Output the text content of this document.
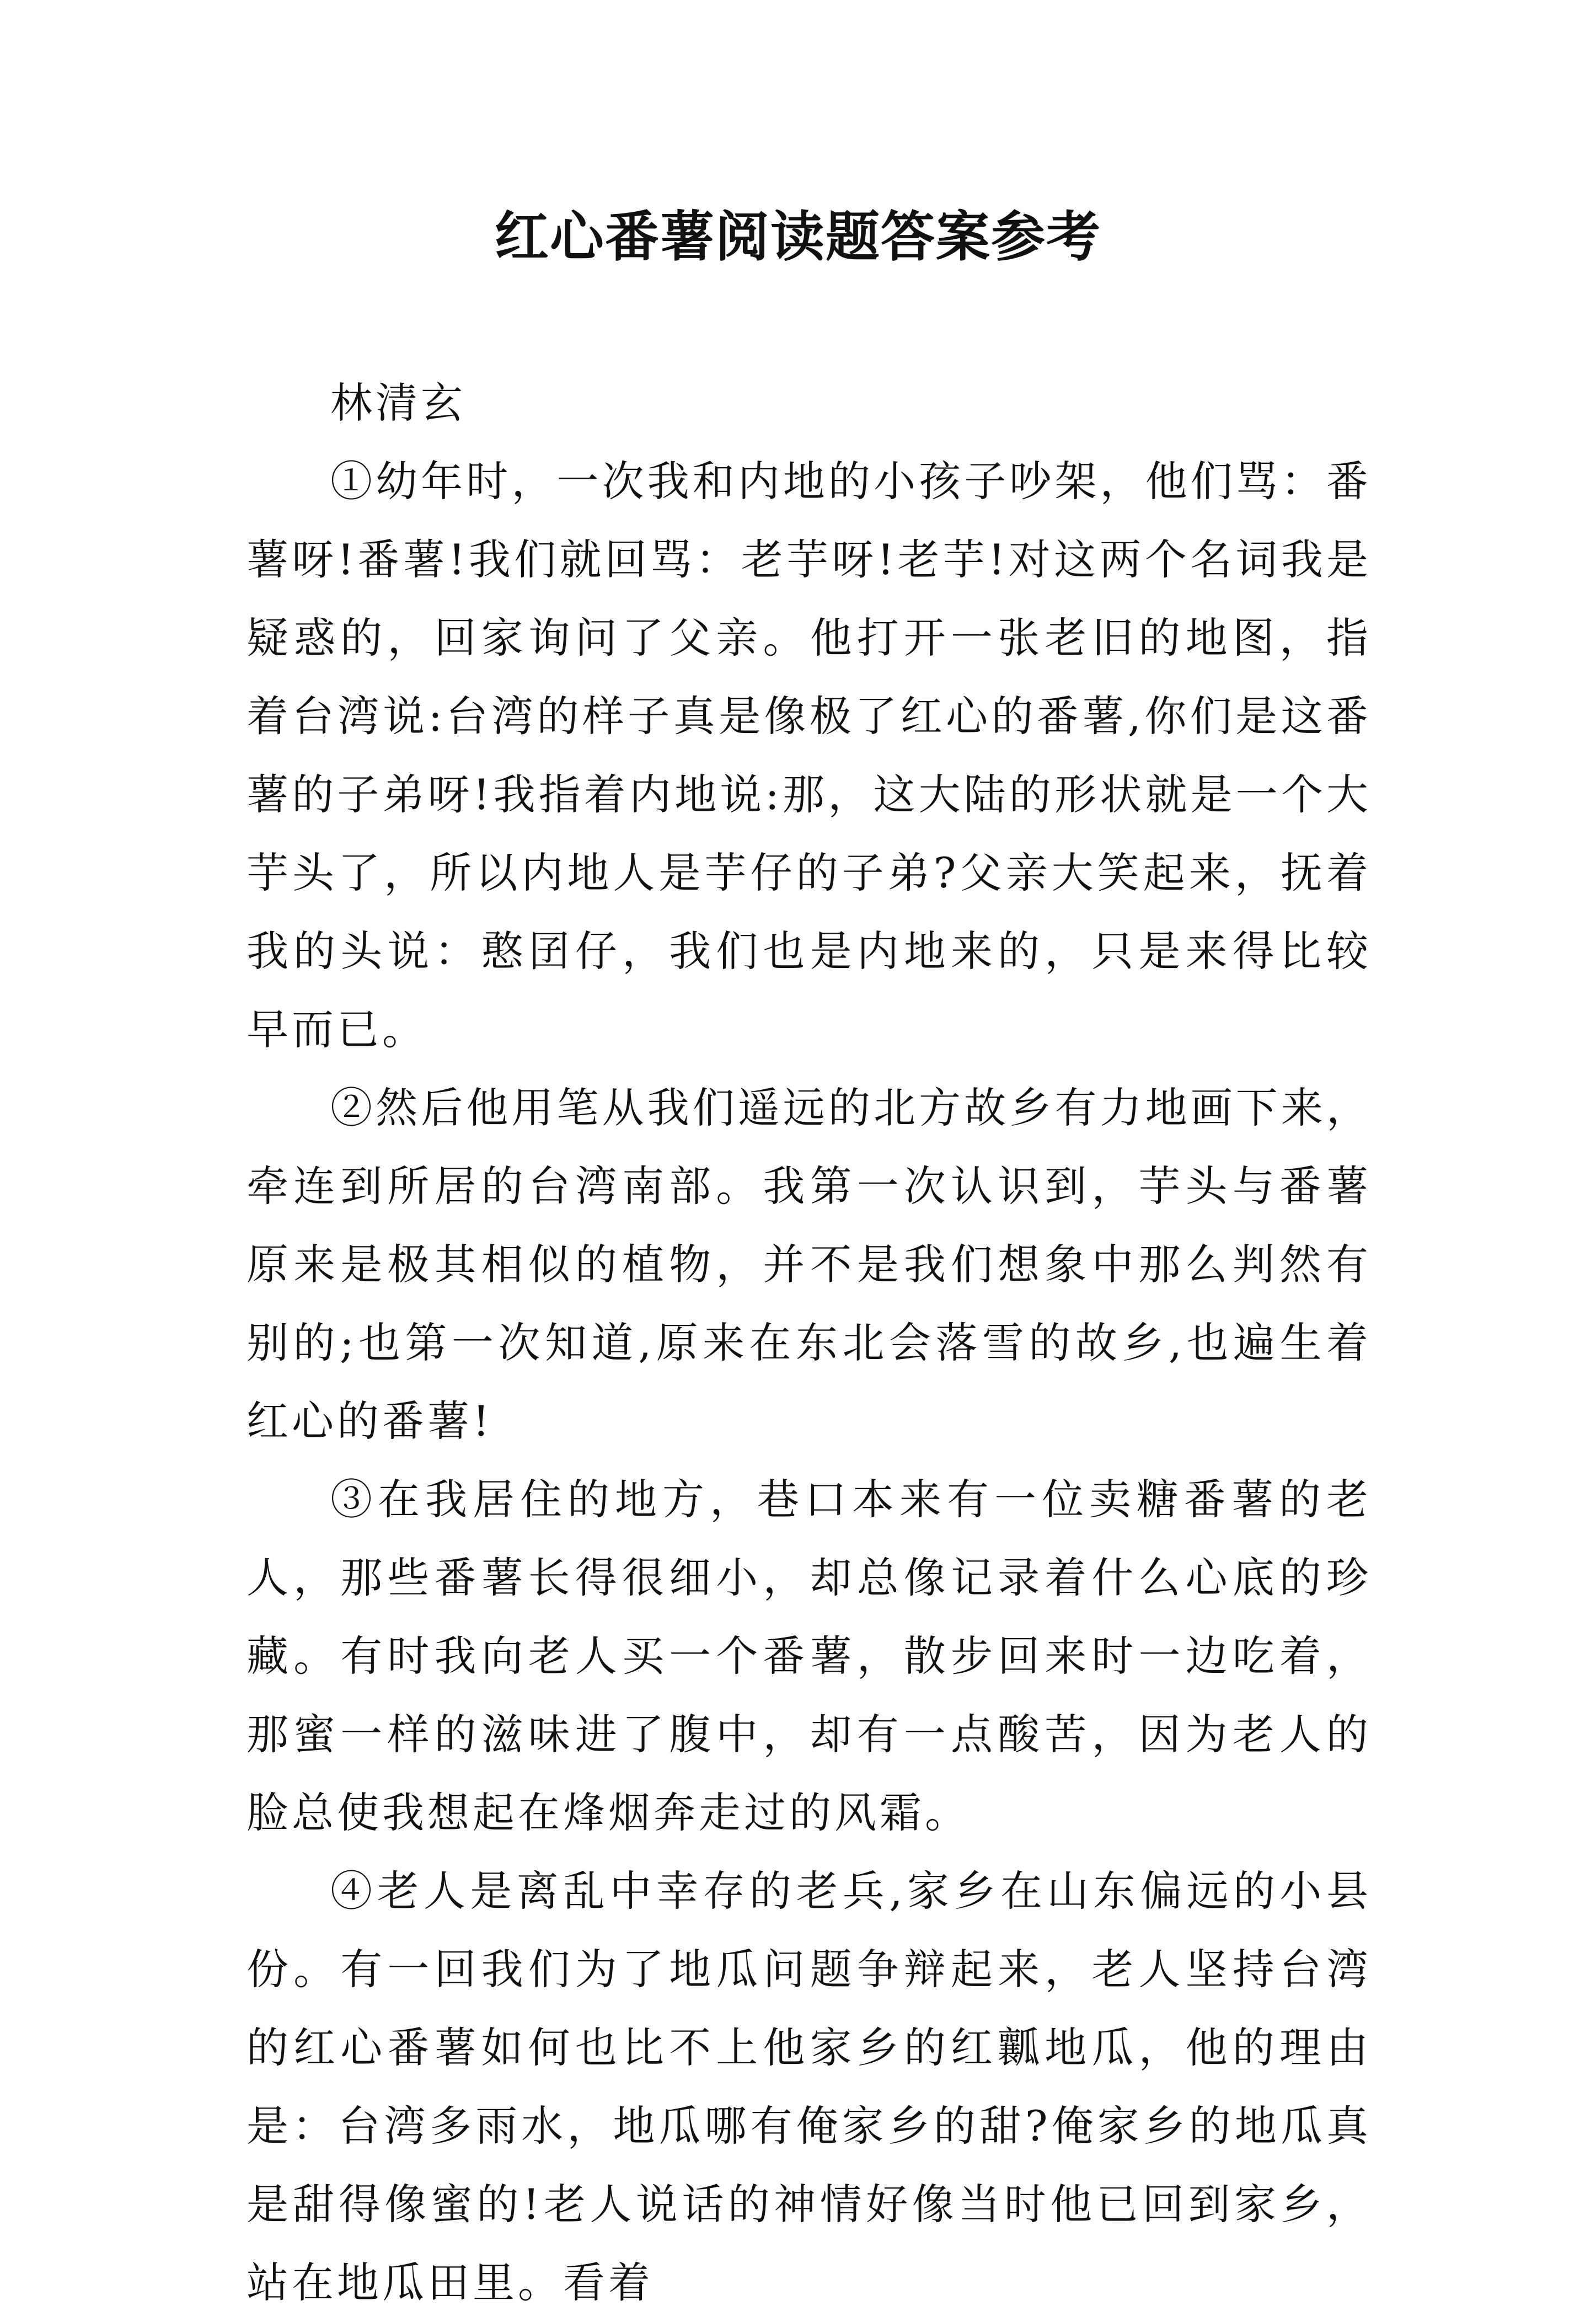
红心番薯阅读题答案参考

林清玄

①幼年时，一次我和内地的小孩子吵架，他们骂：番薯呀!番薯!我们就回骂：老芋呀!老芋!对这两个名词我是疑惑的，回家询问了父亲。他打开一张老旧的地图，指着台湾说:台湾的样子真是像极了红心的番薯,你们是这番薯的子弟呀!我指着内地说:那，这大陆的形状就是一个大芋头了，所以内地人是芋仔的子弟?父亲大笑起来，抚着我的头说：憨囝仔，我们也是内地来的，只是来得比较早而已。

②然后他用笔从我们遥远的北方故乡有力地画下来，牵连到所居的台湾南部。我第一次认识到，芋头与番薯原来是极其相似的植物，并不是我们想象中那么判然有别的;也第一次知道,原来在东北会落雪的故乡,也遍生着红心的番薯!

③在我居住的地方，巷口本来有一位卖糖番薯的老人，那些番薯长得很细小，却总像记录着什么心底的珍藏。有时我向老人买一个番薯，散步回来时一边吃着，那蜜一样的滋味进了腹中，却有一点酸苦，因为老人的脸总使我想起在烽烟奔走过的风霜。

④老人是离乱中幸存的老兵,家乡在山东偏远的小县份。有一回我们为了地瓜问题争辩起来，老人坚持台湾的红心番薯如何也比不上他家乡的红瓤地瓜，他的理由是：台湾多雨水，地瓜哪有俺家乡的甜?俺家乡的地瓜真是甜得像蜜的!老人说话的神情好像当时他已回到家乡，站在地瓜田里。看着
